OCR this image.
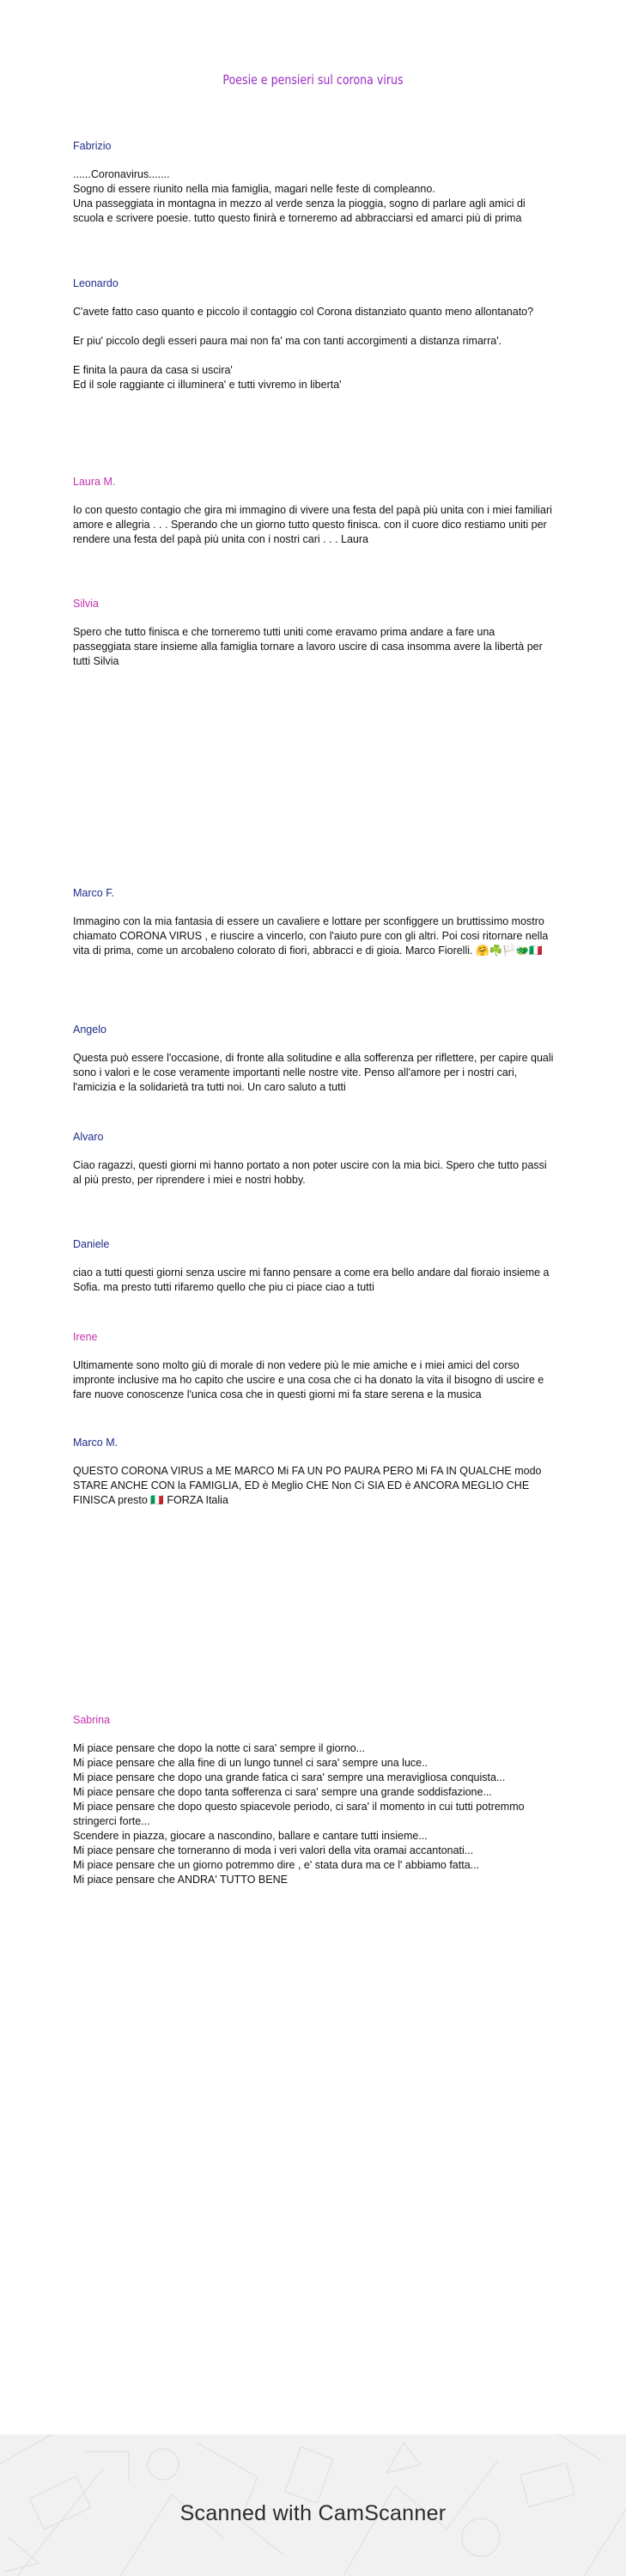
Poesie e pensieri sul corona virus
Fabrizio
......Coronavirus.......
Sogno di essere riunito nella mia famiglia, magari nelle feste di compleanno.
Una passeggiata in montagna in mezzo al verde senza la pioggia, sogno di parlare agli amici di scuola e scrivere poesie. tutto questo finirà e torneremo ad abbracciarsi ed amarci più di prima
Leonardo
C'avete fatto caso quanto e piccolo il contaggio col Corona distanziato quanto meno allontanato?

Er piu' piccolo degli esseri paura mai non fa' ma con tanti accorgimenti a distanza rimarra'.

E finita la paura da casa si uscira'
Ed il sole raggiante ci illuminera' e tutti vivremo in liberta'
Laura M.
Io con questo contagio che gira mi immagino di vivere una festa del papà più unita con i miei familiari amore e allegria . . . Sperando che un giorno tutto questo finisca. con il cuore dico restiamo uniti per rendere una festa del papà più unita con i nostri cari . . . Laura
Silvia
Spero che tutto finisca e che torneremo tutti uniti come eravamo prima andare a fare una passeggiata stare insieme alla famiglia tornare a lavoro uscire di casa insomma avere la libertà per tutti Silvia
Marco F.
Immagino con la mia fantasia di essere un cavaliere e lottare per sconfiggere un bruttissimo mostro chiamato CORONA VIRUS , e riuscire a vincerlo, con l'aiuto pure con gli altri. Poi cosi ritornare nella vita di prima, come un arcobaleno colorato di fiori, abbracci e di gioia. Marco Fiorelli. 🤗☘️🏳️🐲🇮🇹
Angelo
Questa può essere l'occasione, di fronte alla solitudine e alla sofferenza per riflettere, per capire quali sono i valori e le cose veramente importanti nelle nostre vite. Penso all'amore per i nostri cari, l'amicizia e la solidarietà tra tutti noi. Un caro saluto a tutti
Alvaro
Ciao ragazzi, questi giorni mi hanno portato a non poter uscire con la mia bici. Spero che tutto passi al più presto, per riprendere i miei e nostri hobby.
Daniele
ciao a tutti questi giorni senza uscire mi fanno pensare a come era bello andare dal fioraio insieme a Sofia. ma presto tutti rifaremo quello che piu ci piace ciao a tutti
Irene
Ultimamente sono molto giù di morale di non vedere più le mie amiche e i miei amici del corso impronte inclusive ma ho capito che uscire e una cosa che ci ha donato la vita il bisogno di uscire e fare nuove conoscenze l'unica cosa che in questi giorni mi fa stare serena e la musica
Marco M.
QUESTO CORONA VIRUS a ME MARCO Mi FA UN PO PAURA PERO Mi FA IN QUALCHE modo STARE ANCHE CON la FAMIGLIA, ED è Meglio CHE Non Ci SIA ED è ANCORA MEGLIO CHE FINISCA presto 🇮🇹 FORZA Italia
Sabrina
Mi piace pensare che dopo la notte ci sara' sempre il giorno...
Mi piace pensare che alla fine di un lungo tunnel ci sara' sempre una luce..
Mi piace pensare che dopo una grande fatica ci sara' sempre una meravigliosa conquista...
Mi piace pensare che dopo tanta sofferenza ci sara' sempre una grande soddisfazione...
Mi piace pensare che dopo questo spiacevole periodo, ci sara' il momento in cui tutti potremmo stringerci forte...
Scendere in piazza, giocare a nascondino, ballare e cantare tutti insieme...
Mi piace pensare che torneranno di moda i veri valori della vita oramai accantonati...
Mi piace pensare che un giorno potremmo dire , e' stata dura ma ce l' abbiamo fatta...
Mi piace pensare che ANDRA' TUTTO BENE
Scanned with CamScanner
